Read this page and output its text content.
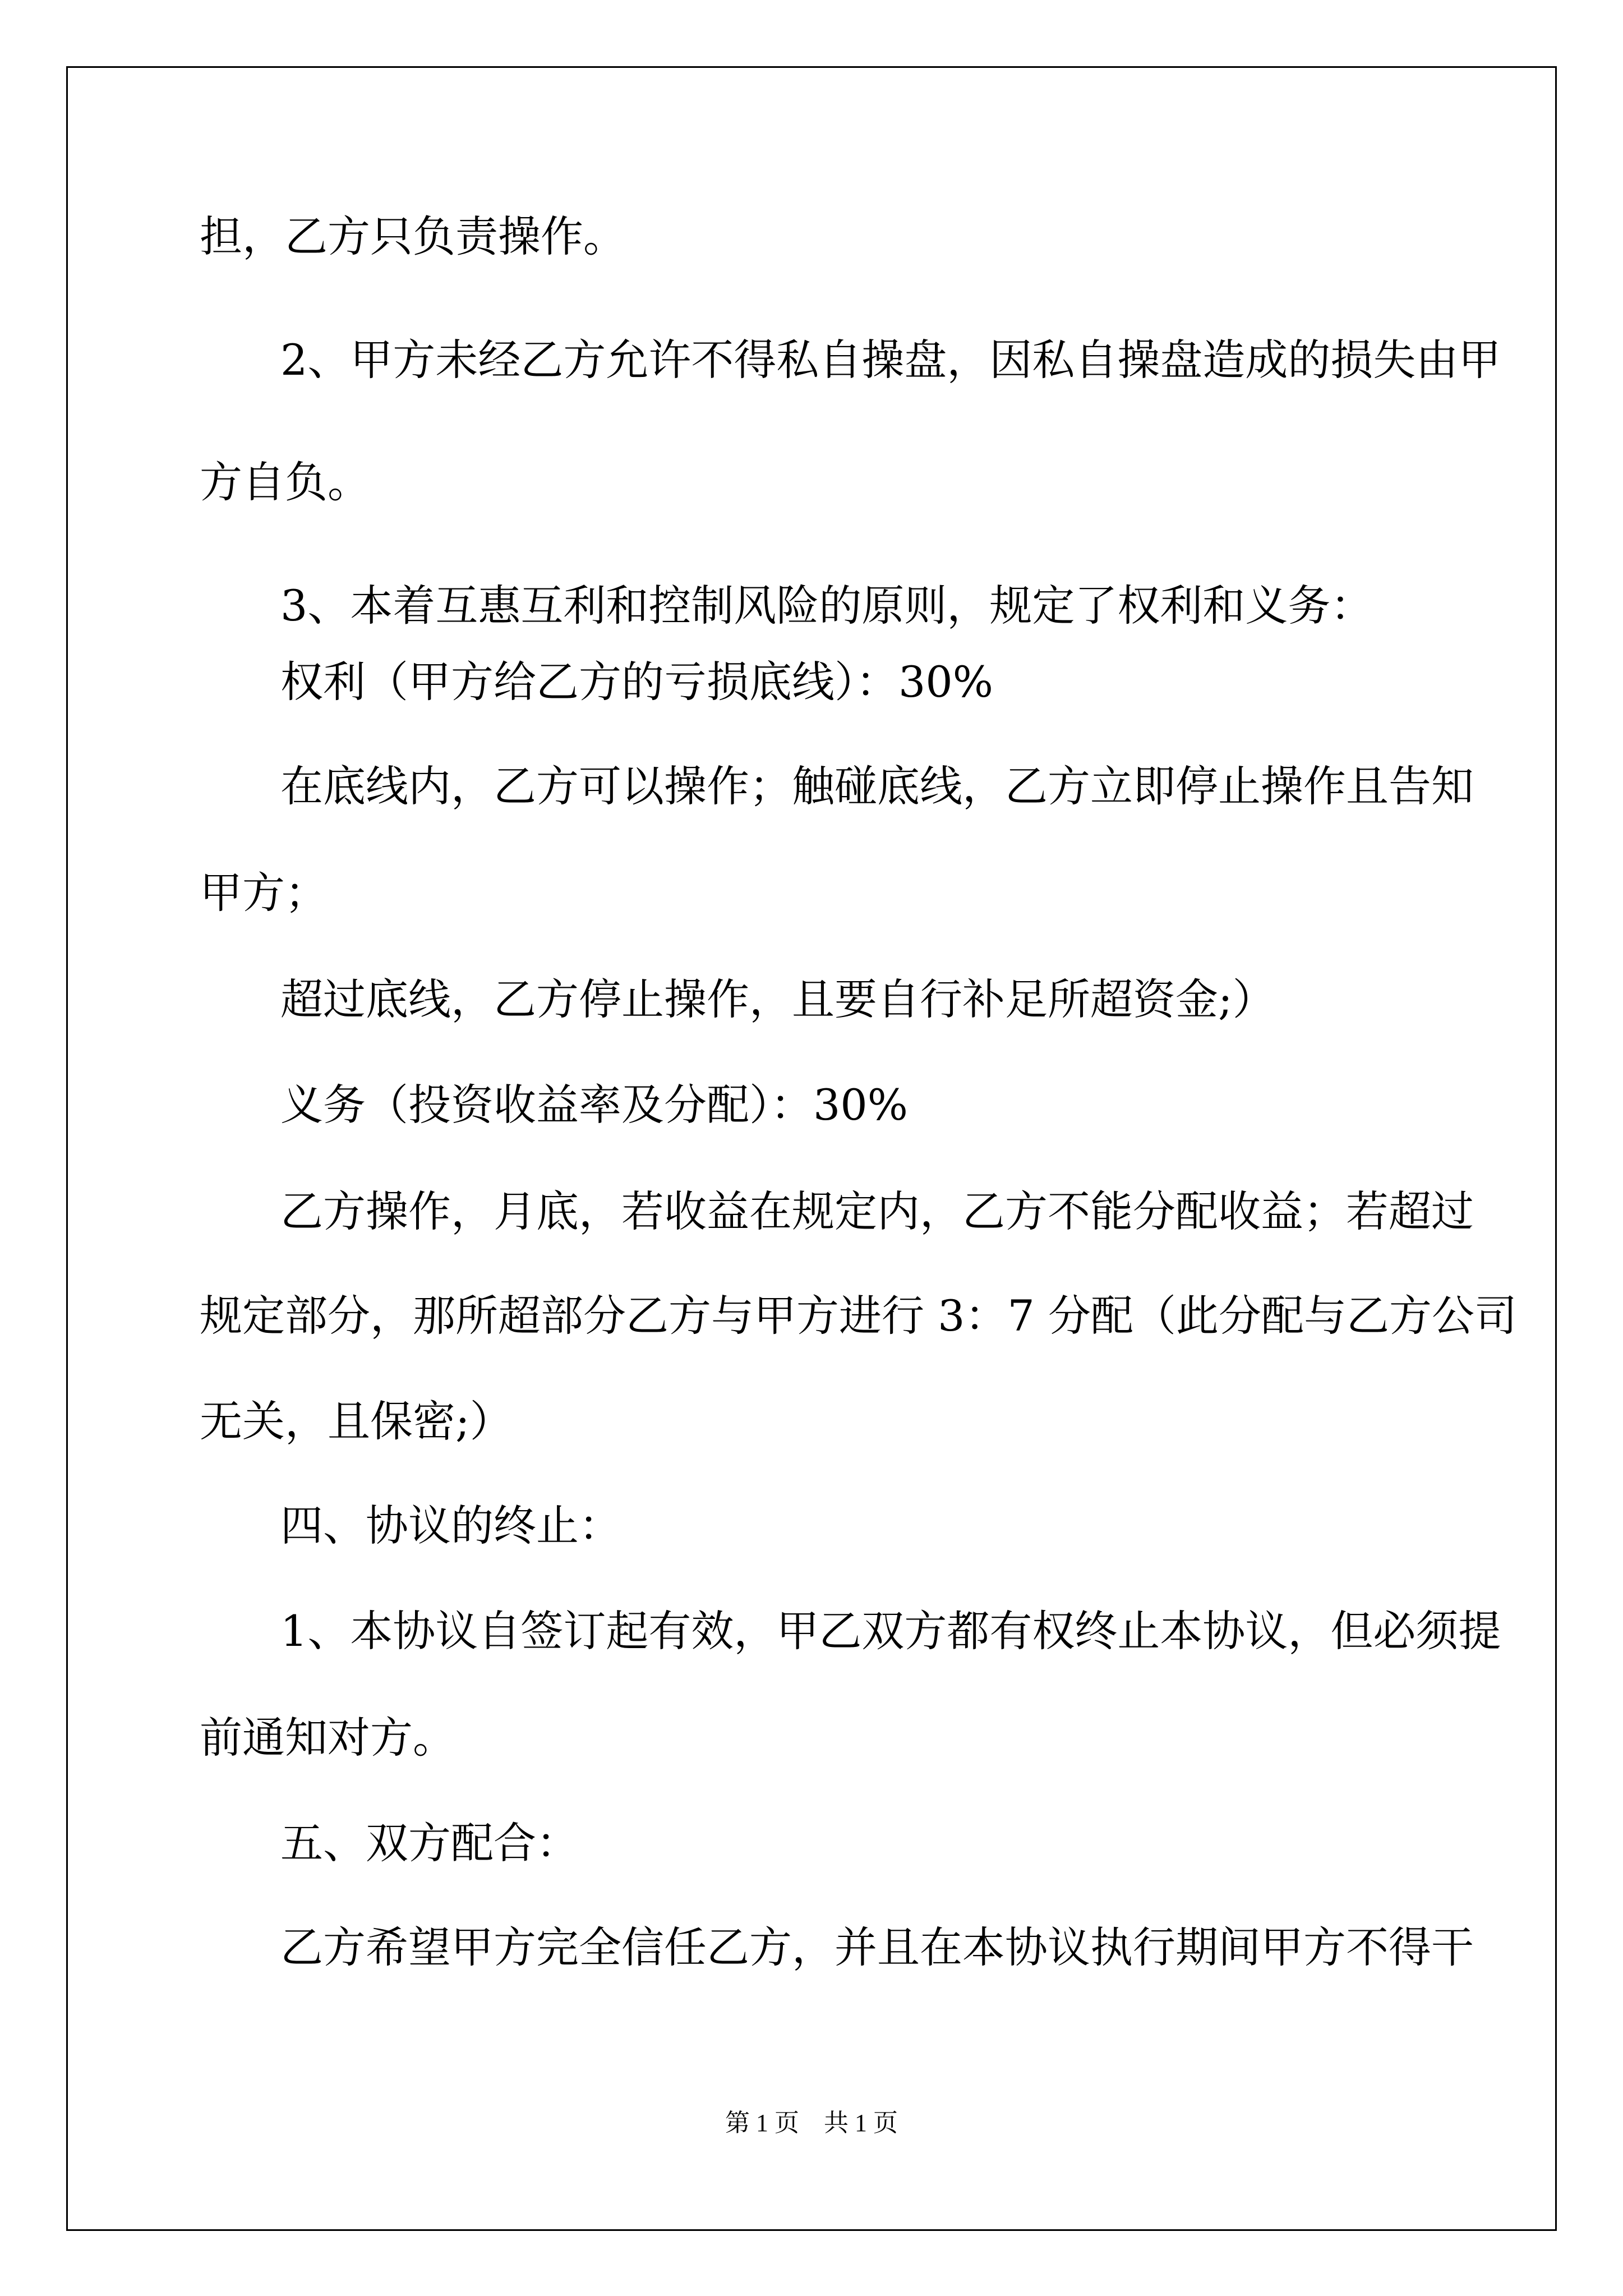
担，乙方只负责操作。

2、甲方未经乙方允许不得私自操盘，因私自操盘造成的损失由甲

方自负。

3、本着互惠互利和控制风险的原则，规定了权利和义务：

权利（甲方给乙方的亏损底线）：30%

在底线内，乙方可以操作；触碰底线，乙方立即停止操作且告知

甲方；

超过底线，乙方停止操作，且要自行补足所超资金;）

义务（投资收益率及分配）：30%

乙方操作，月底，若收益在规定内，乙方不能分配收益；若超过

规定部分，那所超部分乙方与甲方进行 3：7 分配（此分配与乙方公司

无关，且保密;）

四、协议的终止：

1、本协议自签订起有效，甲乙双方都有权终止本协议，但必须提

前通知对方。

五、双方配合：

乙方希望甲方完全信任乙方，并且在本协议执行期间甲方不得干

第 1 页　共 1 页
